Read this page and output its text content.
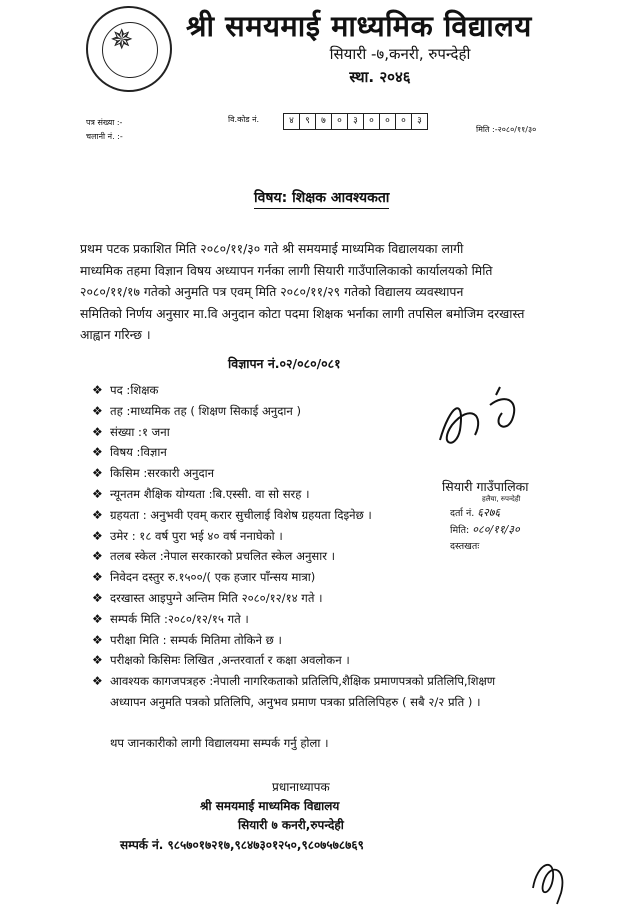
✵ श्री समयमाई माध्यमिक विद्यालय
सियारी -७,कनरी, रुपन्देही
स्था. २०४६
पत्र संख्या :-
चलानी नं. :-
वि.कोड नं.	४	९	७	०	३	०	०	०	३
मिति :-२०८०/११/३०
विषय: शिक्षक आवश्यकता
प्रथम पटक प्रकाशित मिति २०८०/११/३० गते श्री समयमाई माध्यमिक विद्यालयका लागी
माध्यमिक तहमा विज्ञान विषय अध्यापन गर्नका लागी सियारी गाउँपालिकाको कार्यालयको मिति
२०८०/११/१७ गतेको अनुमति पत्र एवम् मिति २०८०/११/२९ गतेको विद्यालय व्यवस्थापन
समितिको निर्णय अनुसार मा.वि अनुदान कोटा पदमा शिक्षक भर्नाका लागी तपसिल बमोजिम दरखास्त
आह्वान गरिन्छ ।
विज्ञापन नं.०२/०८०/०८१
❖ पद :शिक्षक
❖ तह :माध्यमिक तह ( शिक्षण सिकाई अनुदान )
❖ संख्या :१ जना
❖ विषय :विज्ञान
❖ किसिम :सरकारी अनुदान
❖ न्यूनतम शैक्षिक योग्यता :बि.एस्सी. वा सो सरह ।
❖ ग्रहयता : अनुभवी एवम् करार सुचीलाई विशेष ग्रहयता दिइनेछ ।
❖ उमेर : १८ वर्ष पुरा भई ४० वर्ष ननाघेको ।
❖ तलब स्केल :नेपाल सरकारको प्रचलित स्केल अनुसार ।
❖ निवेदन दस्तुर रु.१५००/( एक हजार पाँन्सय मात्रा)
❖ दरखास्त आइपुग्ने अन्तिम मिति २०८०/१२/१४ गते ।
❖ सम्पर्क मिति :२०८०/१२/१५ गते ।
❖ परीक्षा मिति : सम्पर्क मितिमा तोकिने छ ।
❖ परीक्षको किसिमः लिखित ,अन्तरवार्ता र कक्षा अवलोकन ।
❖ आवश्यक कागजपत्रहरु :नेपाली नागरिकताको प्रतिलिपि,शैक्षिक प्रमाणपत्रको प्रतिलिपि,शिक्षण
अध्यापन अनुमति पत्रको प्रतिलिपि, अनुभव प्रमाण पत्रका प्रतिलिपिहरु ( सबै २/२ प्रति ) ।
थप जानकारीको लागी विद्यालयमा सम्पर्क गर्नु होला ।
सियारी गाउँपालिका
हलैया, रुपन्देही
दर्ता नं. ६२७६
मिति: ०८०/११/३०
दस्तखतः
प्रधानाध्यापक
श्री समयमाई माध्यमिक विद्यालय
सियारी ७ कनरी,रुपन्देही
सम्पर्क नं. ९८५७०१७२१७,९८४७३०१२५०,९८०७५७८७६९
